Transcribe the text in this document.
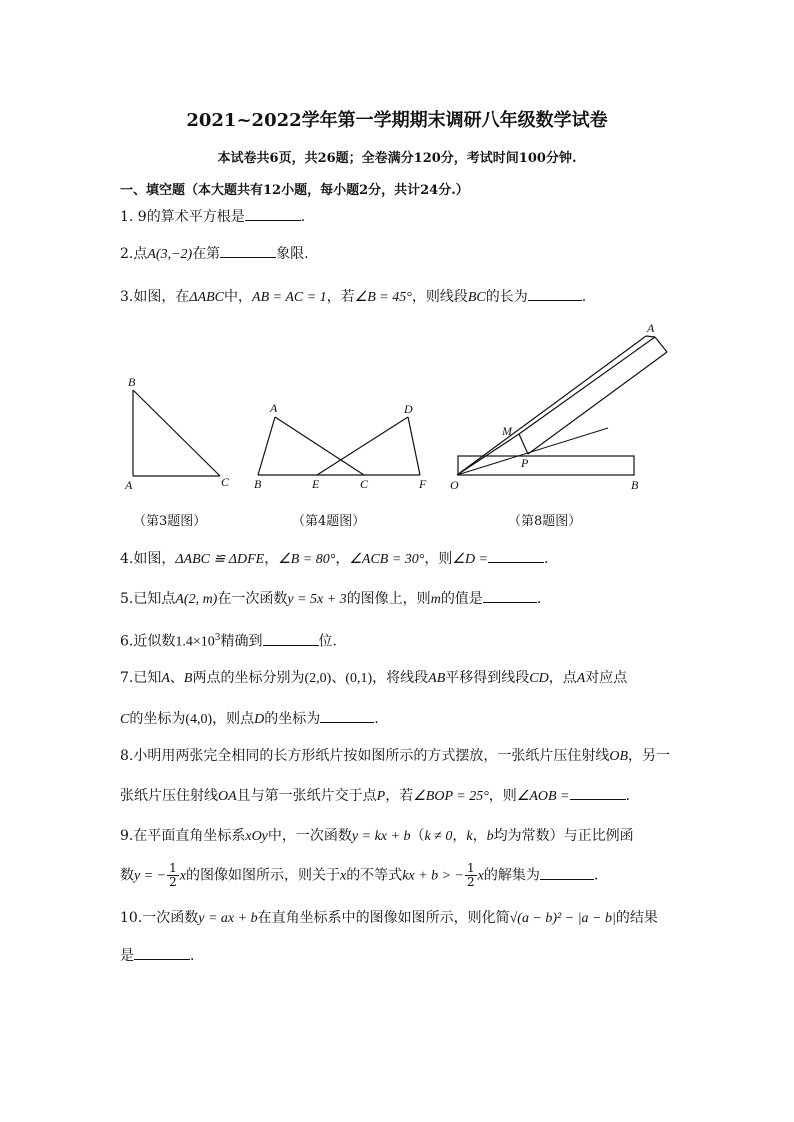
2021~2022学年第一学期期末调研八年级数学试卷
本试卷共6页，共26题；全卷满分120分，考试时间100分钟.
一、填空题（本大题共有12小题，每小题2分，共计24分.）
1. 9的算术平方根是	.
2.点A(3,−2)在第	象限.
3.如图，在ΔABC中，AB = AC = 1，若∠B = 45°，则线段BC的长为	.
B
A	C
A	D
B	E	C	F
A
M
P
O	B
（第3题图）	（第4题图）	（第8题图）
4.如图，ΔABC ≌ ΔDFE，∠B = 80°，∠ACB = 30°，则∠D =	.
5.已知点A(2, m)在一次函数y = 5x + 3的图像上，则m的值是	.
6.近似数$1.4\times 10^3$精确到	位.
7.已知A、B两点的坐标分别为(2,0)、(0,1)，将线段AB平移得到线段CD，点A对应点
C的坐标为(4,0)，则点D的坐标为	.
8.小明用两张完全相同的长方形纸片按如图所示的方式摆放，一张纸片压住射线OB，另一
张纸片压住射线OA且与第一张纸片交于点P，若∠BOP = 25°，则∠AOB =	.
9.在平面直角坐标系xOy中，一次函数y = kx + b（k ≠ 0，k，b均为常数）与正比例函
数y = − $\frac{1}{2}$ x的图像如图所示，则关于x的不等式kx + b > − $\frac{1}{2}$ x的解集为	.
10.一次函数y = ax + b在直角坐标系中的图像如图所示，则化简√(a − b)² − |a − b|的结果
是	.
